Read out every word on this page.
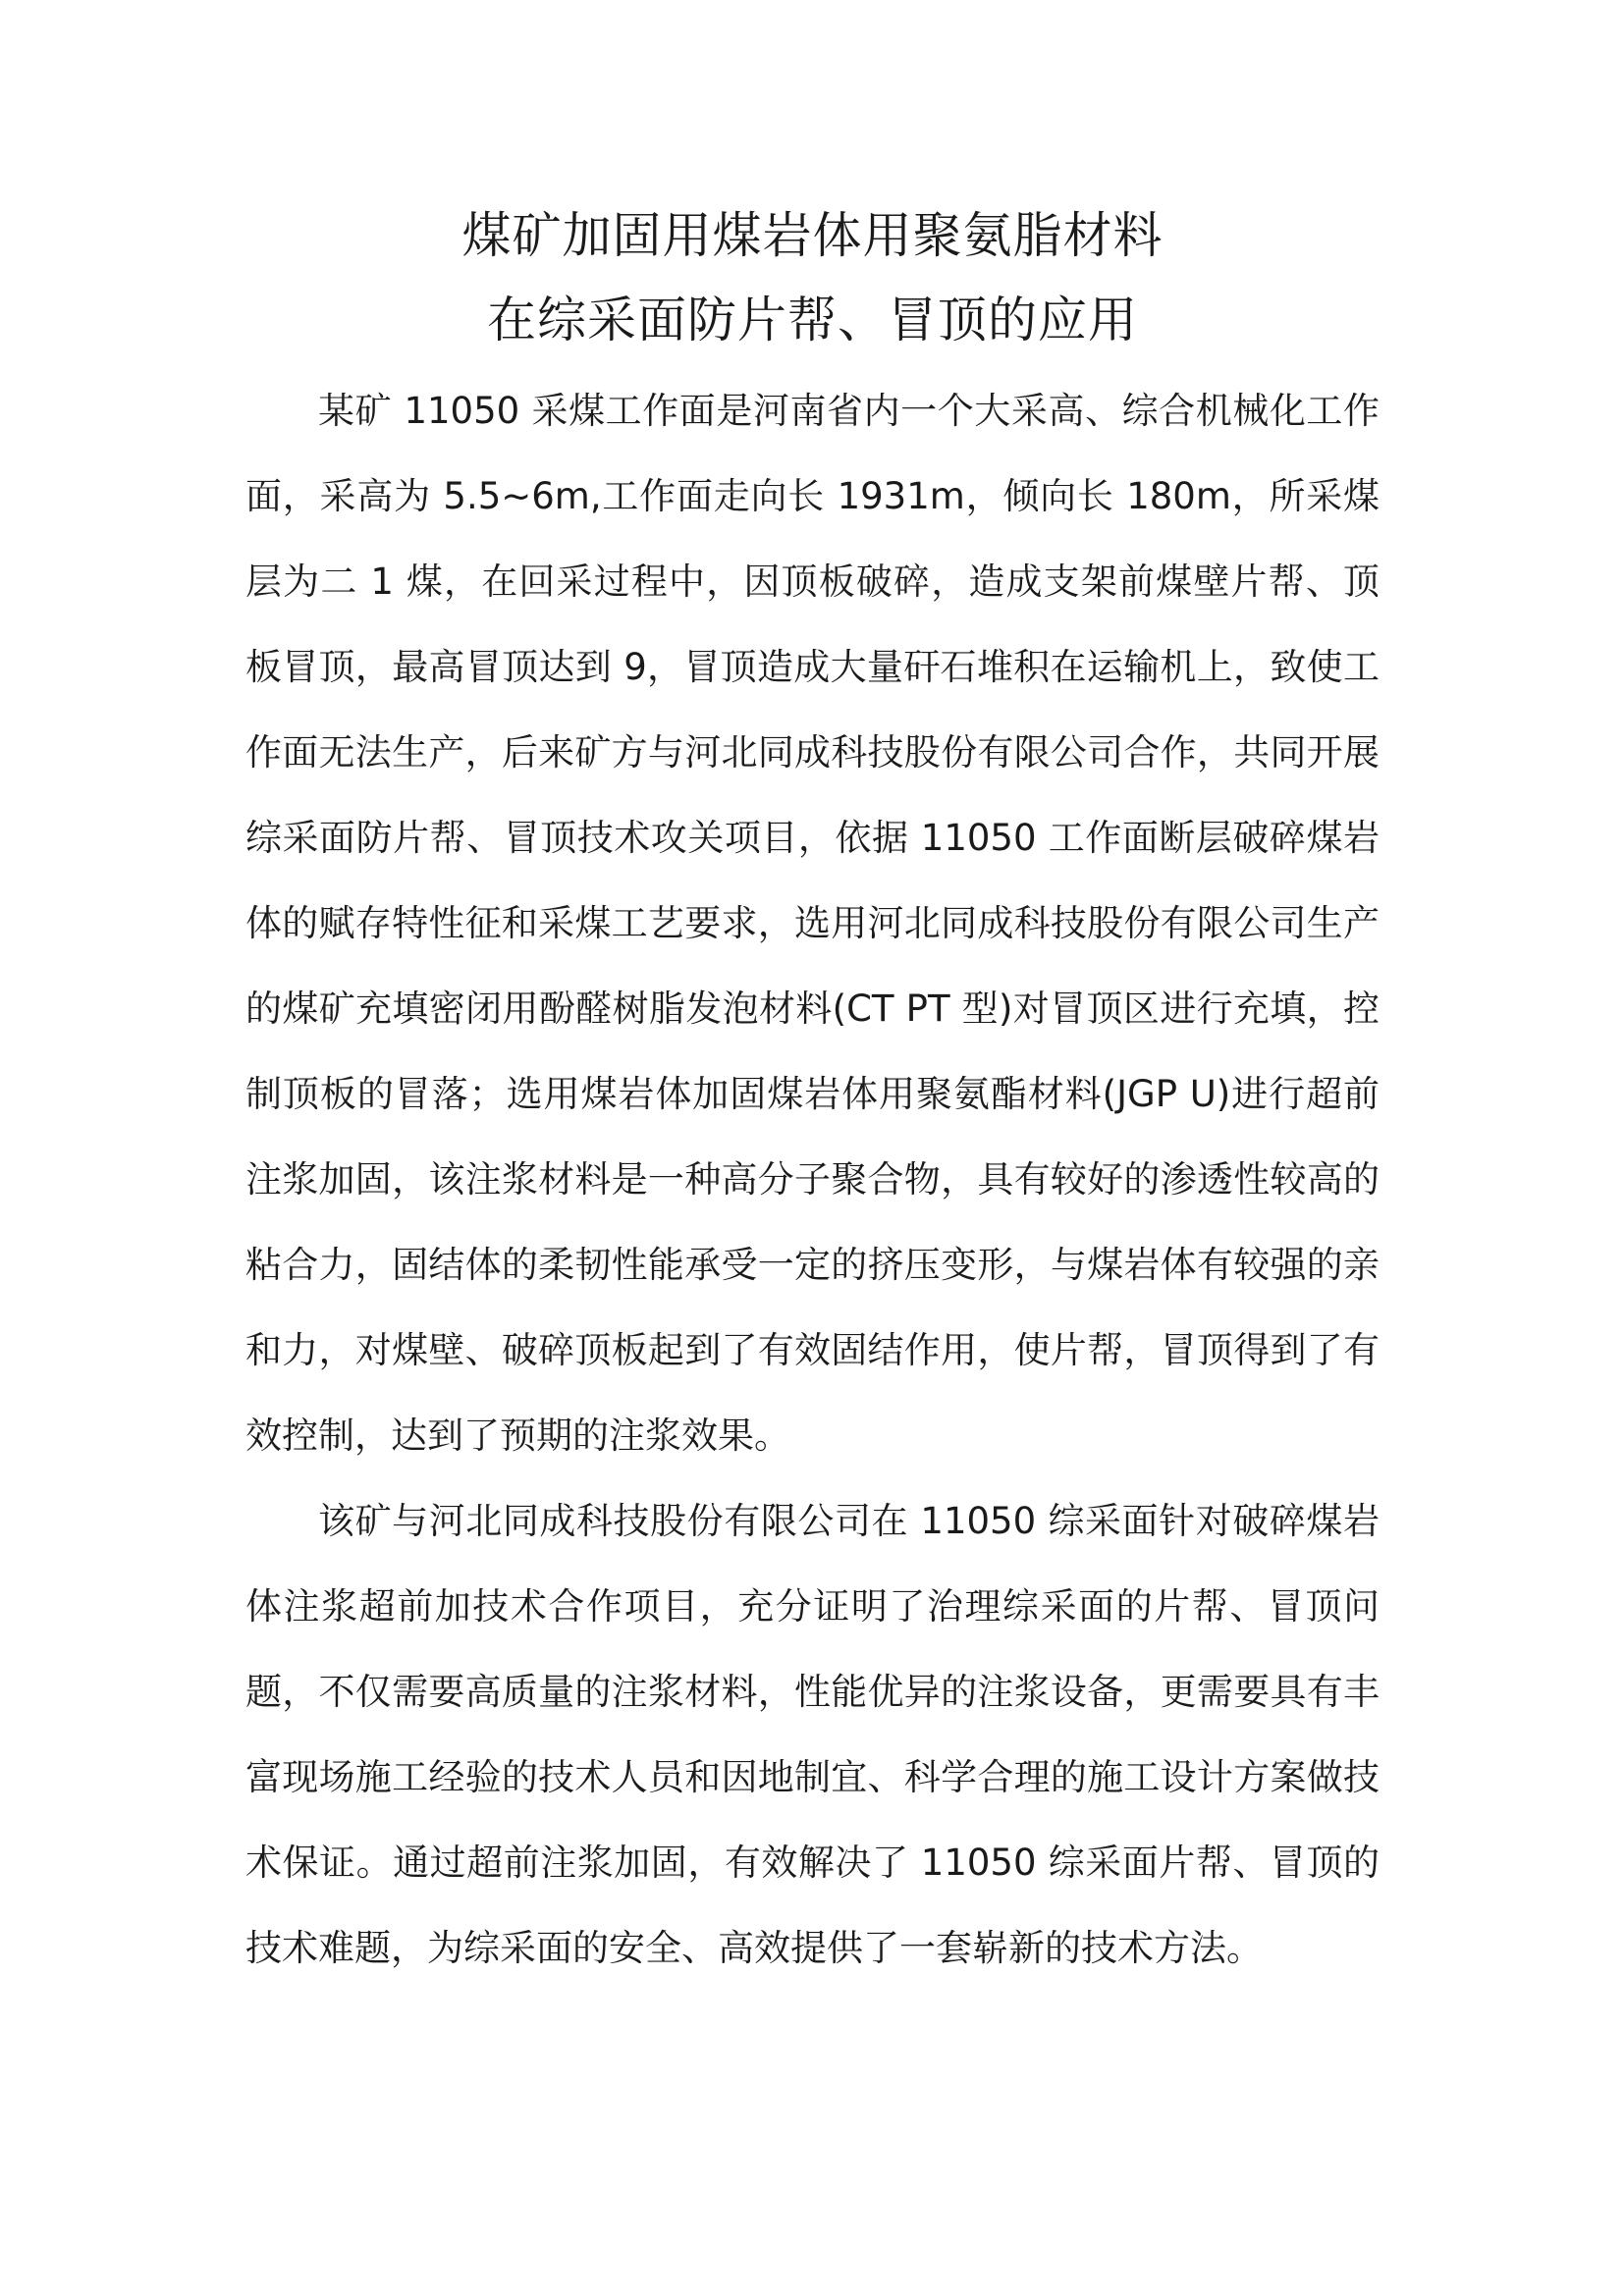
煤矿加固用煤岩体用聚氨脂材料
在综采面防片帮、冒顶的应用

某矿 11050 采煤工作面是河南省内一个大采高、综合机械化工作面，采高为 5.5~6m,工作面走向长 1931m，倾向长 180m，所采煤层为二 1 煤，在回采过程中，因顶板破碎，造成支架前煤壁片帮、顶板冒顶，最高冒顶达到 9，冒顶造成大量矸石堆积在运输机上，致使工作面无法生产，后来矿方与河北同成科技股份有限公司合作，共同开展综采面防片帮、冒顶技术攻关项目，依据 11050 工作面断层破碎煤岩体的赋存特性征和采煤工艺要求，选用河北同成科技股份有限公司生产的煤矿充填密闭用酚醛树脂发泡材料(CT PT 型)对冒顶区进行充填，控制顶板的冒落；选用煤岩体加固煤岩体用聚氨酯材料(JGP U)进行超前注浆加固，该注浆材料是一种高分子聚合物，具有较好的渗透性较高的粘合力，固结体的柔韧性能承受一定的挤压变形，与煤岩体有较强的亲和力，对煤壁、破碎顶板起到了有效固结作用，使片帮，冒顶得到了有效控制，达到了预期的注浆效果。

该矿与河北同成科技股份有限公司在 11050 综采面针对破碎煤岩体注浆超前加技术合作项目，充分证明了治理综采面的片帮、冒顶问题，不仅需要高质量的注浆材料，性能优异的注浆设备，更需要具有丰富现场施工经验的技术人员和因地制宜、科学合理的施工设计方案做技术保证。通过超前注浆加固，有效解决了 11050 综采面片帮、冒顶的技术难题，为综采面的安全、高效提供了一套崭新的技术方法。
